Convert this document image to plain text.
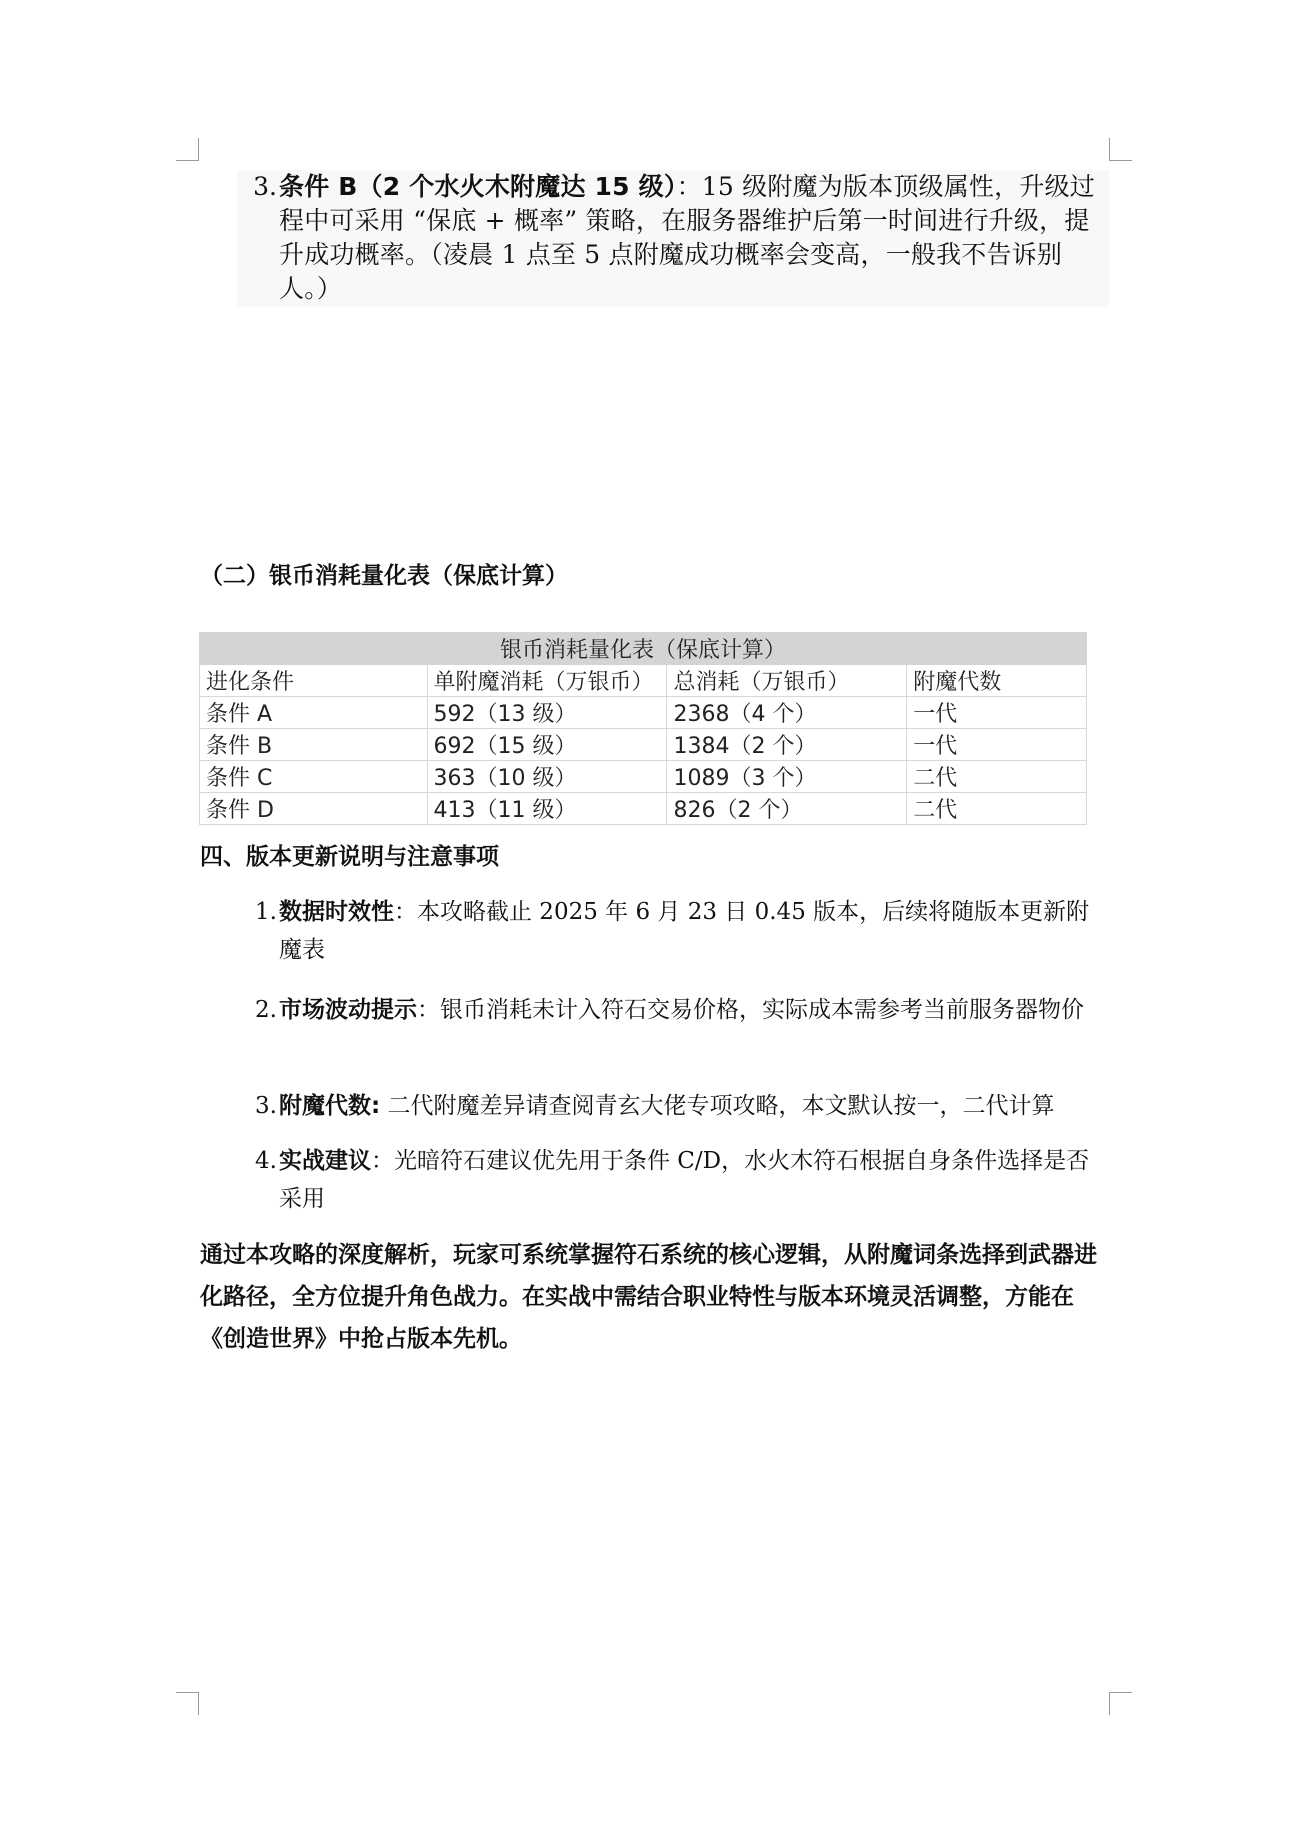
3. 条件 B（2 个水火木附魔达 15 级）：15 级附魔为版本顶级属性，升级过程中可采用 “保底 + 概率” 策略，在服务器维护后第一时间进行升级，提升成功概率。（凌晨 1 点至 5 点附魔成功概率会变高，一般我不告诉别人。）
（二）银币消耗量化表（保底计算）
银币消耗量化表（保底计算）			
进化条件	单附魔消耗（万银币）	总消耗（万银币）	附魔代数
条件 A	592（13 级）	2368（4 个）	一代
条件 B	692（15 级）	1384（2 个）	一代
条件 C	363（10 级）	1089（3 个）	二代
条件 D	413（11 级）	826（2 个）	二代
四、版本更新说明与注意事项
1. 数据时效性：本攻略截止 2025 年 6 月 23 日 0.45 版本，后续将随版本更新附魔表
2. 市场波动提示：银币消耗未计入符石交易价格，实际成本需参考当前服务器物价
3. 附魔代数: 二代附魔差异请查阅青玄大佬专项攻略，本文默认按一，二代计算
4. 实战建议：光暗符石建议优先用于条件 C/D，水火木符石根据自身条件选择是否采用
通过本攻略的深度解析，玩家可系统掌握符石系统的核心逻辑，从附魔词条选择到武器进化路径，全方位提升角色战力。在实战中需结合职业特性与版本环境灵活调整，方能在《创造世界》中抢占版本先机。
